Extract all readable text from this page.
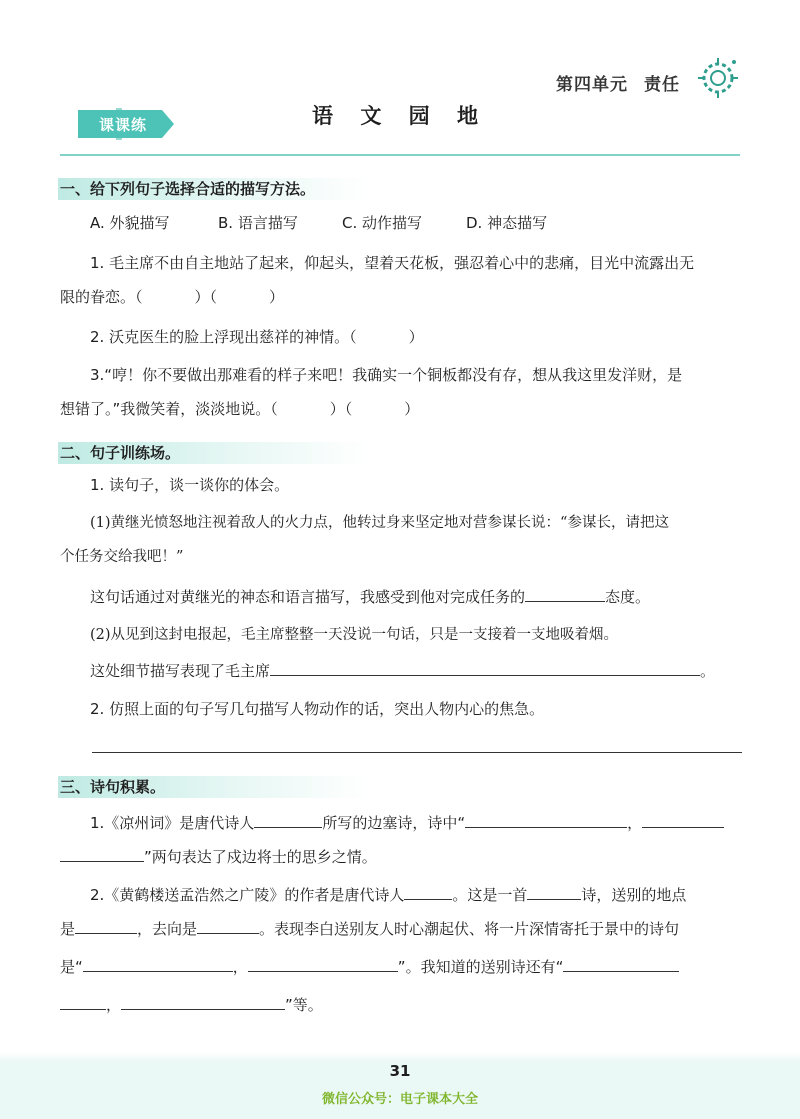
第四单元 责任
课课练	语 文 园 地
一、给下列句子选择合适的描写方法。
A. 外貌描写	B. 语言描写	C. 动作描写	D. 神态描写
1. 毛主席不由自主地站了起来，仰起头，望着天花板，强忍着心中的悲痛，目光中流露出无
限的眷恋。（	）（	）
2. 沃克医生的脸上浮现出慈祥的神情。（	）
3.“哼！你不要做出那难看的样子来吧！我确实一个铜板都没有存，想从我这里发洋财，是
想错了。”我微笑着，淡淡地说。（	）（	）
二、句子训练场。
1. 读句子，谈一谈你的体会。
(1)黄继光愤怒地注视着敌人的火力点，他转过身来坚定地对营参谋长说：“参谋长，请把这
个任务交给我吧！”
这句话通过对黄继光的神态和语言描写，我感受到他对完成任务的	态度。
(2)从见到这封电报起，毛主席整整一天没说一句话，只是一支接着一支地吸着烟。
这处细节描写表现了毛主席	。
2. 仿照上面的句子写几句描写人物动作的话，突出人物内心的焦急。
三、诗句积累。
1.《凉州词》是唐代诗人	所写的边塞诗，诗中“	，
”两句表达了戍边将士的思乡之情。
2.《黄鹤楼送孟浩然之广陵》的作者是唐代诗人	。这是一首	诗，送别的地点
是	，去向是	。表现李白送别友人时心潮起伏、将一片深情寄托于景中的诗句
是“	，	”。我知道的送别诗还有“
，	”等。
31
微信公众号：电子课本大全
